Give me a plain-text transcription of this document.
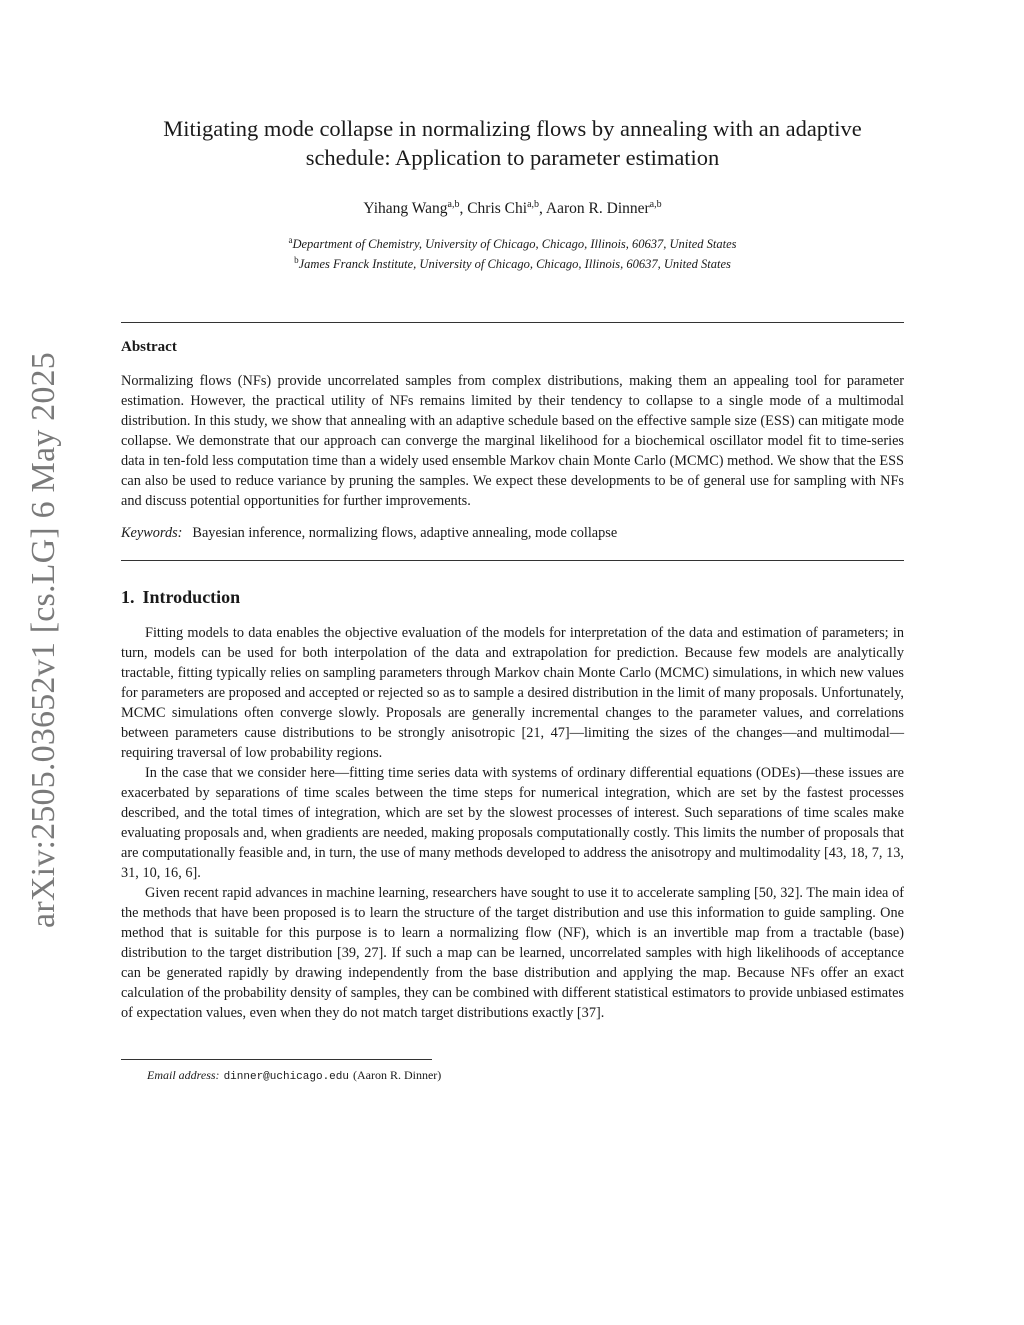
arXiv:2505.03652v1 [cs.LG] 6 May 2025
Mitigating mode collapse in normalizing flows by annealing with an adaptive
schedule: Application to parameter estimation
Yihang Wang$^{a,b}$, Chris Chi$^{a,b}$, Aaron R. Dinner$^{a,b}$
$^a$Department of Chemistry, University of Chicago, Chicago, Illinois, 60637, United States
$^b$James Franck Institute, University of Chicago, Chicago, Illinois, 60637, United States
Abstract
Normalizing flows (NFs) provide uncorrelated samples from complex distributions, making them an appealing tool for parameter estimation. However, the practical utility of NFs remains limited by their tendency to collapse to a single mode of a multimodal distribution. In this study, we show that annealing with an adaptive schedule based on the effective sample size (ESS) can mitigate mode collapse. We demonstrate that our approach can converge the marginal likelihood for a biochemical oscillator model fit to time-series data in ten-fold less computation time than a widely used ensemble Markov chain Monte Carlo (MCMC) method. We show that the ESS can also be used to reduce variance by pruning the samples. We expect these developments to be of general use for sampling with NFs and discuss potential opportunities for further improvements.
Keywords: Bayesian inference, normalizing flows, adaptive annealing, mode collapse
1. Introduction

Fitting models to data enables the objective evaluation of the models for interpretation of the data and estimation of parameters; in turn, models can be used for both interpolation of the data and extrapolation for prediction. Because few models are analytically tractable, fitting typically relies on sampling parameters through Markov chain Monte Carlo (MCMC) simulations, in which new values for parameters are proposed and accepted or rejected so as to sample a desired distribution in the limit of many proposals. Unfortunately, MCMC simulations often converge slowly. Proposals are generally incremental changes to the parameter values, and correlations between parameters cause distributions to be strongly anisotropic [21, 47]—limiting the sizes of the changes—and multimodal—requiring traversal of low probability regions.

In the case that we consider here—fitting time series data with systems of ordinary differential equations (ODEs)—these issues are exacerbated by separations of time scales between the time steps for numerical integration, which are set by the fastest processes described, and the total times of integration, which are set by the slowest processes of interest. Such separations of time scales make evaluating proposals and, when gradients are needed, making proposals computationally costly. This limits the number of proposals that are computationally feasible and, in turn, the use of many methods developed to address the anisotropy and multimodality [43, 18, 7, 13, 31, 10, 16, 6].

Given recent rapid advances in machine learning, researchers have sought to use it to accelerate sampling [50, 32]. The main idea of the methods that have been proposed is to learn the structure of the target distribution and use this information to guide sampling. One method that is suitable for this purpose is to learn a normalizing flow (NF), which is an invertible map from a tractable (base) distribution to the target distribution [39, 27]. If such a map can be learned, uncorrelated samples with high likelihoods of acceptance can be generated rapidly by drawing independently from the base distribution and applying the map. Because NFs offer an exact calculation of the probability density of samples, they can be combined with different statistical estimators to provide unbiased estimates of expectation values, even when they do not match target distributions exactly [37].

Email address: dinner@uchicago.edu (Aaron R. Dinner)
